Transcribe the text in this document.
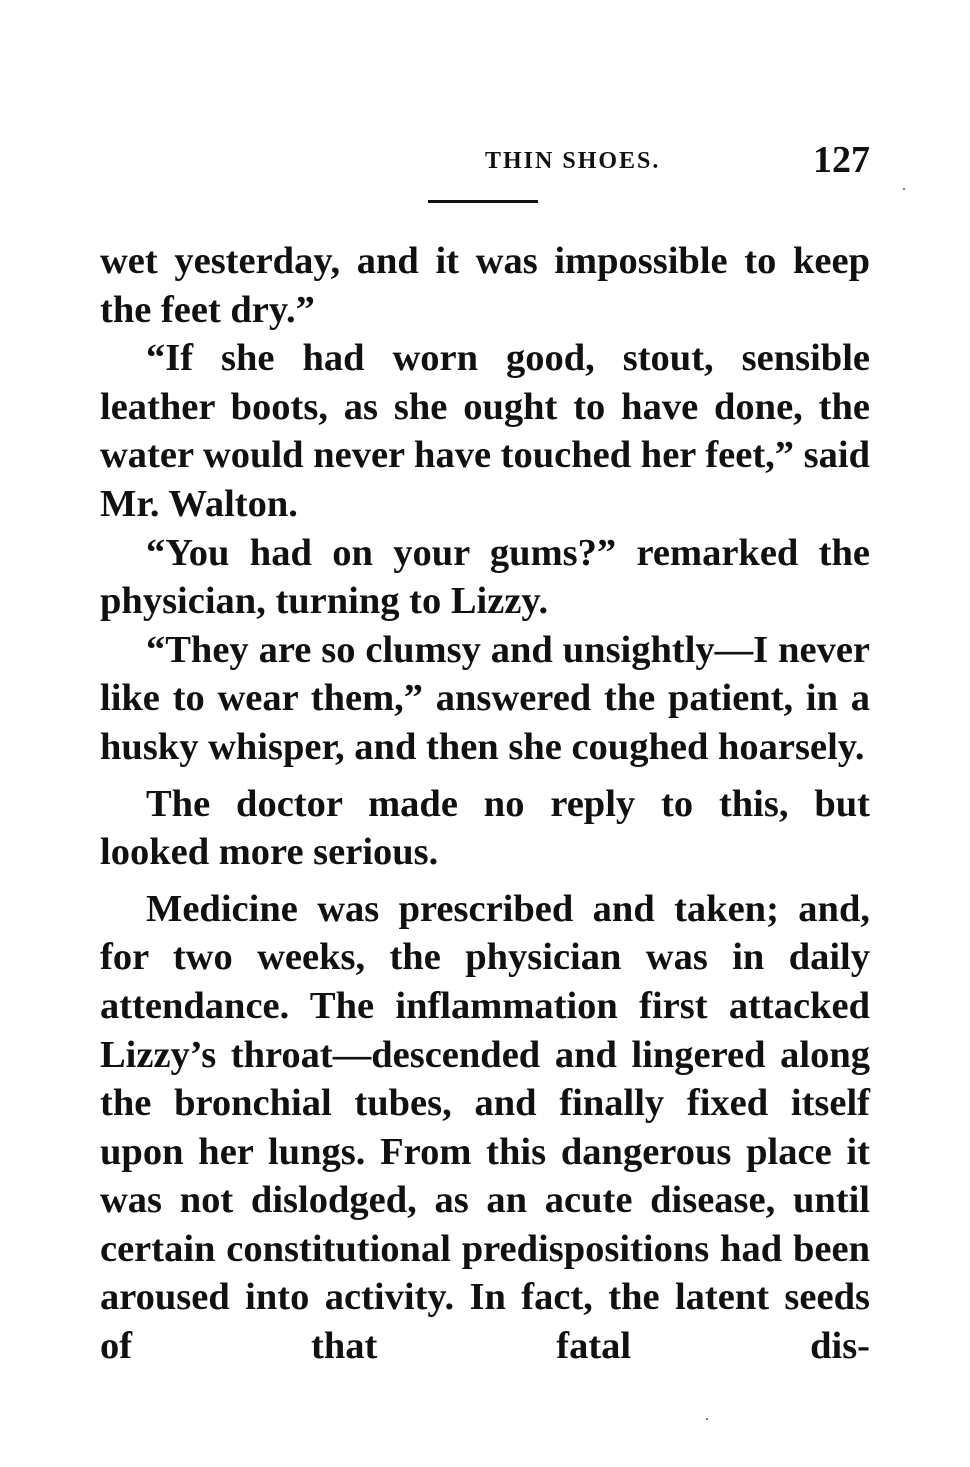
THIN SHOES.	127

wet yesterday, and it was impossible to keep the feet dry.”

“If she had worn good, stout, sensible leather boots, as she ought to have done, the water would never have touched her feet,” said Mr. Walton.

“You had on your gums?” remarked the physician, turning to Lizzy.

“They are so clumsy and unsightly—I never like to wear them,” answered the patient, in a husky whisper, and then she coughed hoarsely.

The doctor made no reply to this, but looked more serious.

Medicine was prescribed and taken; and, for two weeks, the physician was in daily attendance. The inflammation first attacked Lizzy’s throat—descended and lingered along the bronchial tubes, and finally fixed itself upon her lungs. From this dangerous place it was not dislodged, as an acute disease, until certain constitutional predispositions had been aroused into activity. In fact, the latent seeds of that fatal dis-
